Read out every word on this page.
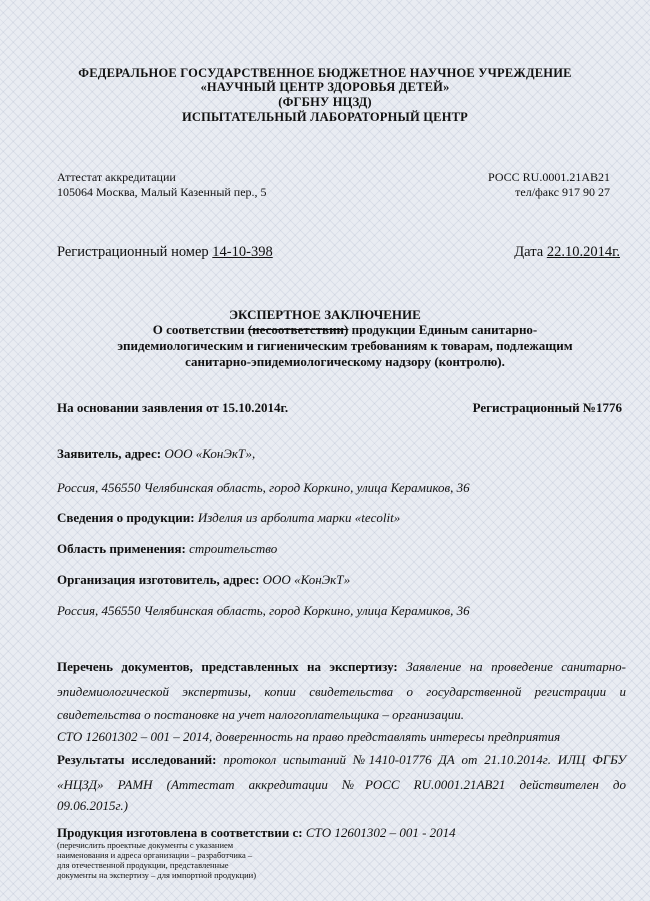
ФЕДЕРАЛЬНОЕ ГОСУДАРСТВЕННОЕ БЮДЖЕТНОЕ НАУЧНОЕ УЧРЕЖДЕНИЕ
«НАУЧНЫЙ ЦЕНТР ЗДОРОВЬЯ ДЕТЕЙ»
(ФГБНУ НЦЗД)
ИСПЫТАТЕЛЬНЫЙ ЛАБОРАТОРНЫЙ ЦЕНТР
Аттестат аккредитации
105064 Москва, Малый Казенный пер., 5
РОСС RU.0001.21АВ21
тел/факс 917 90 27
Регистрационный номер 14-10-398	Дата 22.10.2014г.
ЭКСПЕРТНОЕ ЗАКЛЮЧЕНИЕ
О соответствии (несоответствии) продукции Единым санитарно-
эпидемиологическим и гигиеническим требованиям к товарам, подлежащим
санитарно-эпидемиологическому надзору (контролю).
На основании заявления от 15.10.2014г.	Регистрационный №1776
Заявитель, адрес: ООО «КонЭкТ»,
Россия, 456550 Челябинская область, город Коркино, улица Керамиков, 36
Сведения о продукции: Изделия из арболита марки «tecolit»
Область применения: строительство
Организация изготовитель, адрес: ООО «КонЭкТ»
Россия, 456550 Челябинская область, город Коркино, улица Керамиков, 36
Перечень документов, представленных на экспертизу: Заявление на проведение санитарно-
эпидемиологической экспертизы, копии свидетельства о государственной регистрации и
свидетельства о постановке на учет налогоплательщика – организации.
СТО 12601302 – 001 – 2014, доверенность на право представлять интересы предприятия
Результаты исследований: протокол испытаний №1410-01776 ДА от 21.10.2014г. ИЛЦ ФГБУ
«НЦЗД» РАМН (Аттестат аккредитации №РОСС RU.0001.21АВ21 действителен до
09.06.2015г.)
Продукция изготовлена в соответствии с: СТО 12601302 – 001 - 2014
(перечислить проектные документы с указанием
наименования и адреса организации – разработчика –
для отечественной продукции, представленные
документы на экспертизу – для импортной продукции)
